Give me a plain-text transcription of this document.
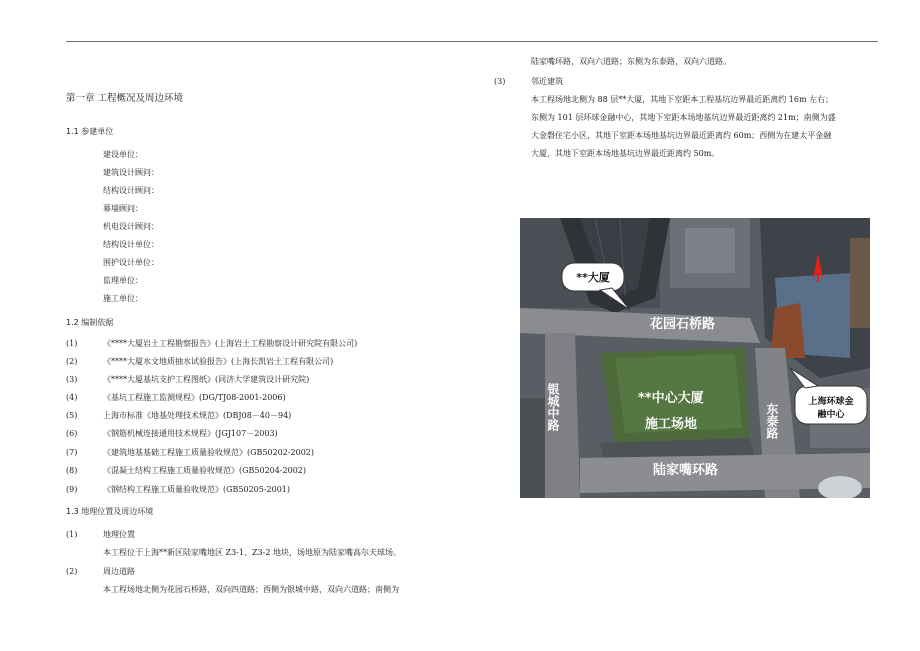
第一章 工程概况及周边环境
1.1 参建单位
建设单位：
建筑设计顾问：
结构设计顾问：
幕墙顾问：
机电设计顾问：
结构设计单位：
围护设计单位：
监理单位：
施工单位：
1.2 编制依据
(1)	《****大厦岩土工程勘察报告》(上海岩土工程勘察设计研究院有限公司)
(2)	《****大厦水文地质抽水试验报告》(上海长凯岩土工程有限公司)
(3)	《****大厦基坑支护工程图纸》(同济大学建筑设计研究院)
(4)	《基坑工程施工监测规程》(DG/TJ08-2001-2006)
(5)	上海市标准《地基处理技术规范》(DBJ08－40－94)
(6)	《钢筋机械连接通用技术规程》(JGJ107－2003)
(7)	《建筑地基基础工程施工质量验收规范》(GB50202-2002)
(8)	《混凝土结构工程施工质量验收规范》(GB50204-2002)
(9)	《钢结构工程施工质量验收规范》(GB50205-2001)
1.3 地理位置及周边环境
(1)	地理位置
本工程位于上海**新区陆家嘴地区 Z3-1、Z3-2 地块，场地原为陆家嘴高尔夫球场。
(2)	周边道路
本工程场地北侧为花园石桥路，双向四道路；西侧为银城中路，双向六道路；南侧为
陆家嘴环路，双向六道路；东侧为东泰路，双向六道路。
(3)	邻近建筑
本工程场地北侧为 88 层**大厦，其地下室距本工程基坑边界最近距离约 16m 左右；
东侧为 101 层环球金融中心，其地下室距本场地基坑边界最近距离约 21m；南侧为盛
大金磐住宅小区，其地下室距本场地基坑边界最近距离约 60m；西侧为在建太平金融
大厦，其地下室距本场地基坑边界最近距离约 50m。
**大厦
上海环球金
融中心
花园石桥路
银城中路	**中心大厦
施工场地	东泰路
陆家嘴环路
